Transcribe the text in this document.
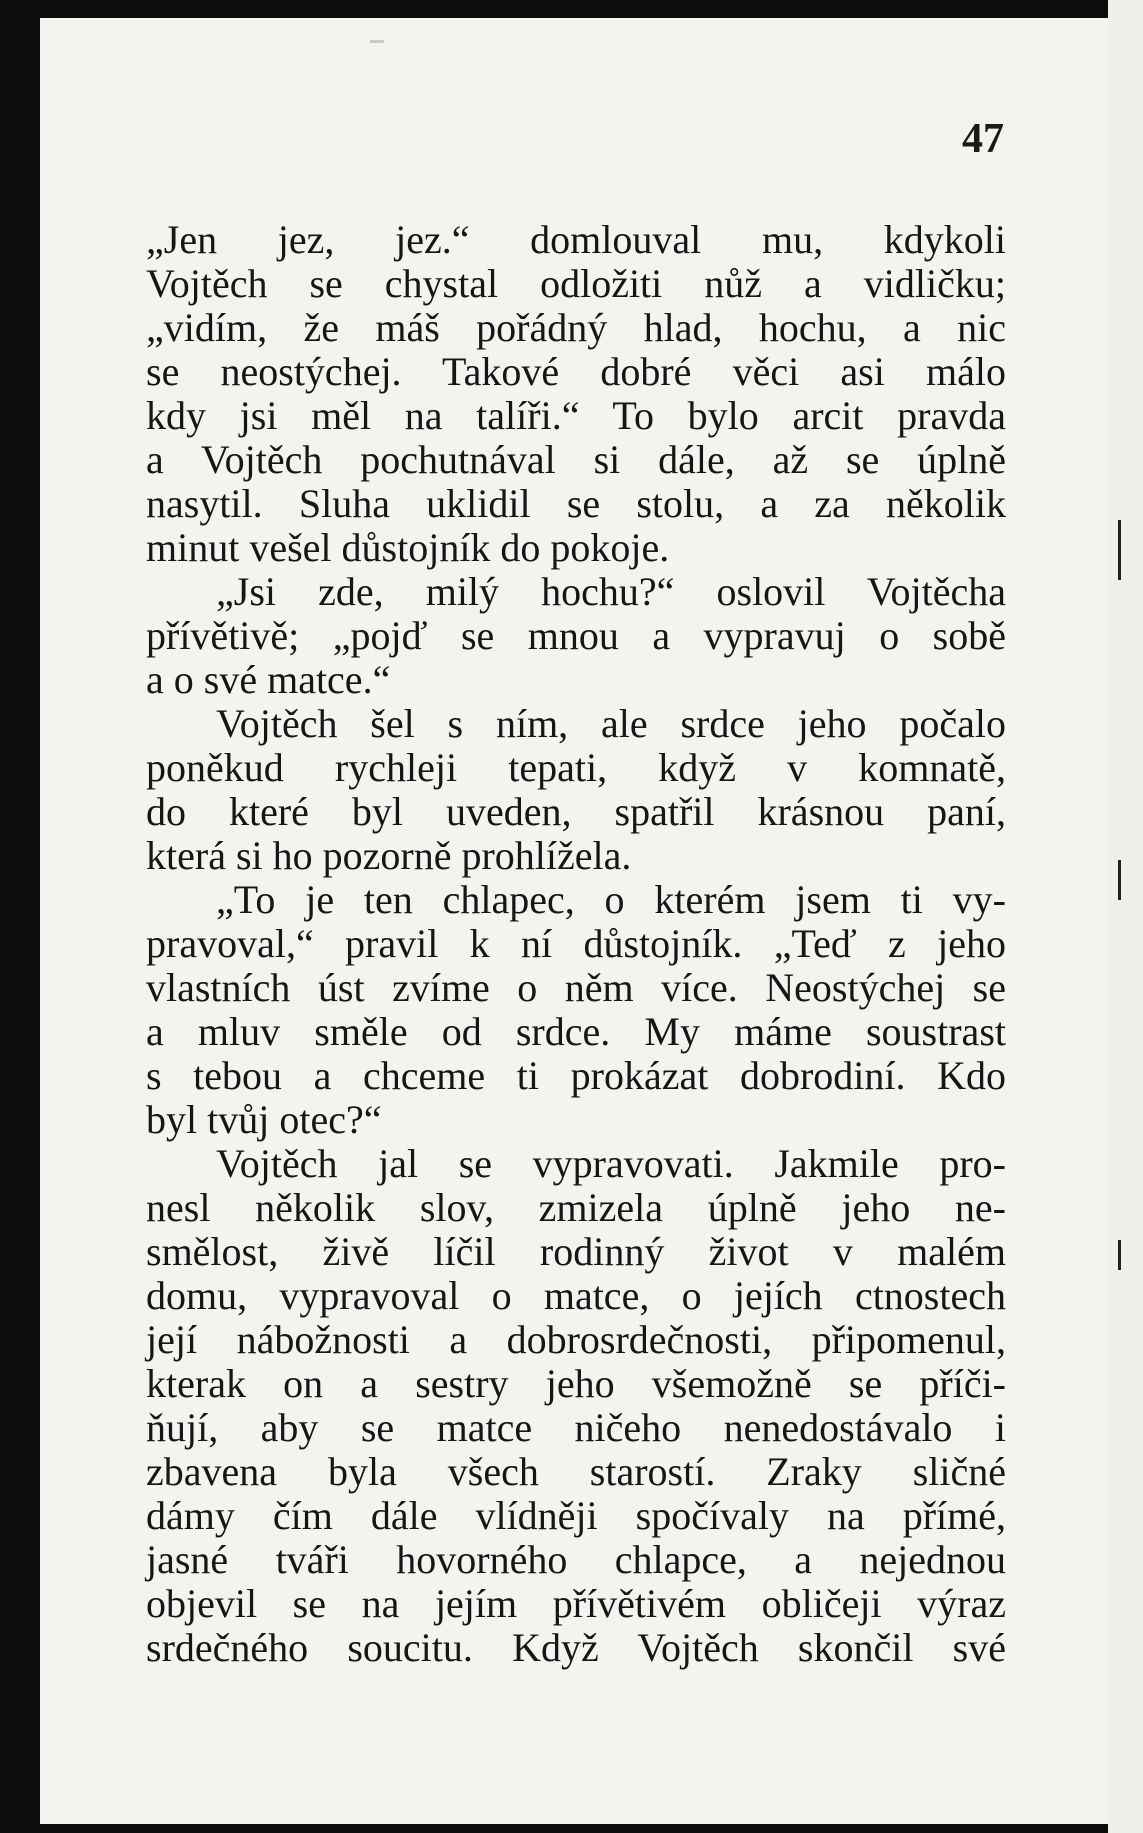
47
„Jen jez, jez.“ domlouval mu, kdykoli
Vojtěch se chystal odložiti nůž a vidličku;
„vidím, že máš pořádný hlad, hochu, a nic
se neostýchej. Takové dobré věci asi málo
kdy jsi měl na talíři.“ To bylo arcit pravda
a Vojtěch pochutnával si dále, až se úplně
nasytil. Sluha uklidil se stolu, a za několik
minut vešel důstojník do pokoje.
„Jsi zde, milý hochu?“ oslovil Vojtěcha
přívětivě; „pojď se mnou a vypravuj o sobě
a o své matce.“
Vojtěch šel s ním, ale srdce jeho počalo
poněkud rychleji tepati, když v komnatě,
do které byl uveden, spatřil krásnou paní,
která si ho pozorně prohlížela.
„To je ten chlapec, o kterém jsem ti vy-
pravoval,“ pravil k ní důstojník. „Teď z jeho
vlastních úst zvíme o něm více. Neostýchej se
a mluv směle od srdce. My máme soustrast
s tebou a chceme ti prokázat dobrodiní. Kdo
byl tvůj otec?“
Vojtěch jal se vypravovati. Jakmile pro-
nesl několik slov, zmizela úplně jeho ne-
smělost, živě líčil rodinný život v malém
domu, vypravoval o matce, o jejích ctnostech
její nábožnosti a dobrosrdečnosti, připomenul,
kterak on a sestry jeho všemožně se příči-
ňují, aby se matce ničeho nenedostávalo i
zbavena byla všech starostí. Zraky sličné
dámy čím dále vlídněji spočívaly na přímé,
jasné tváři hovorného chlapce, a nejednou
objevil se na jejím přívětivém obličeji výraz
srdečného soucitu. Když Vojtěch skončil své
